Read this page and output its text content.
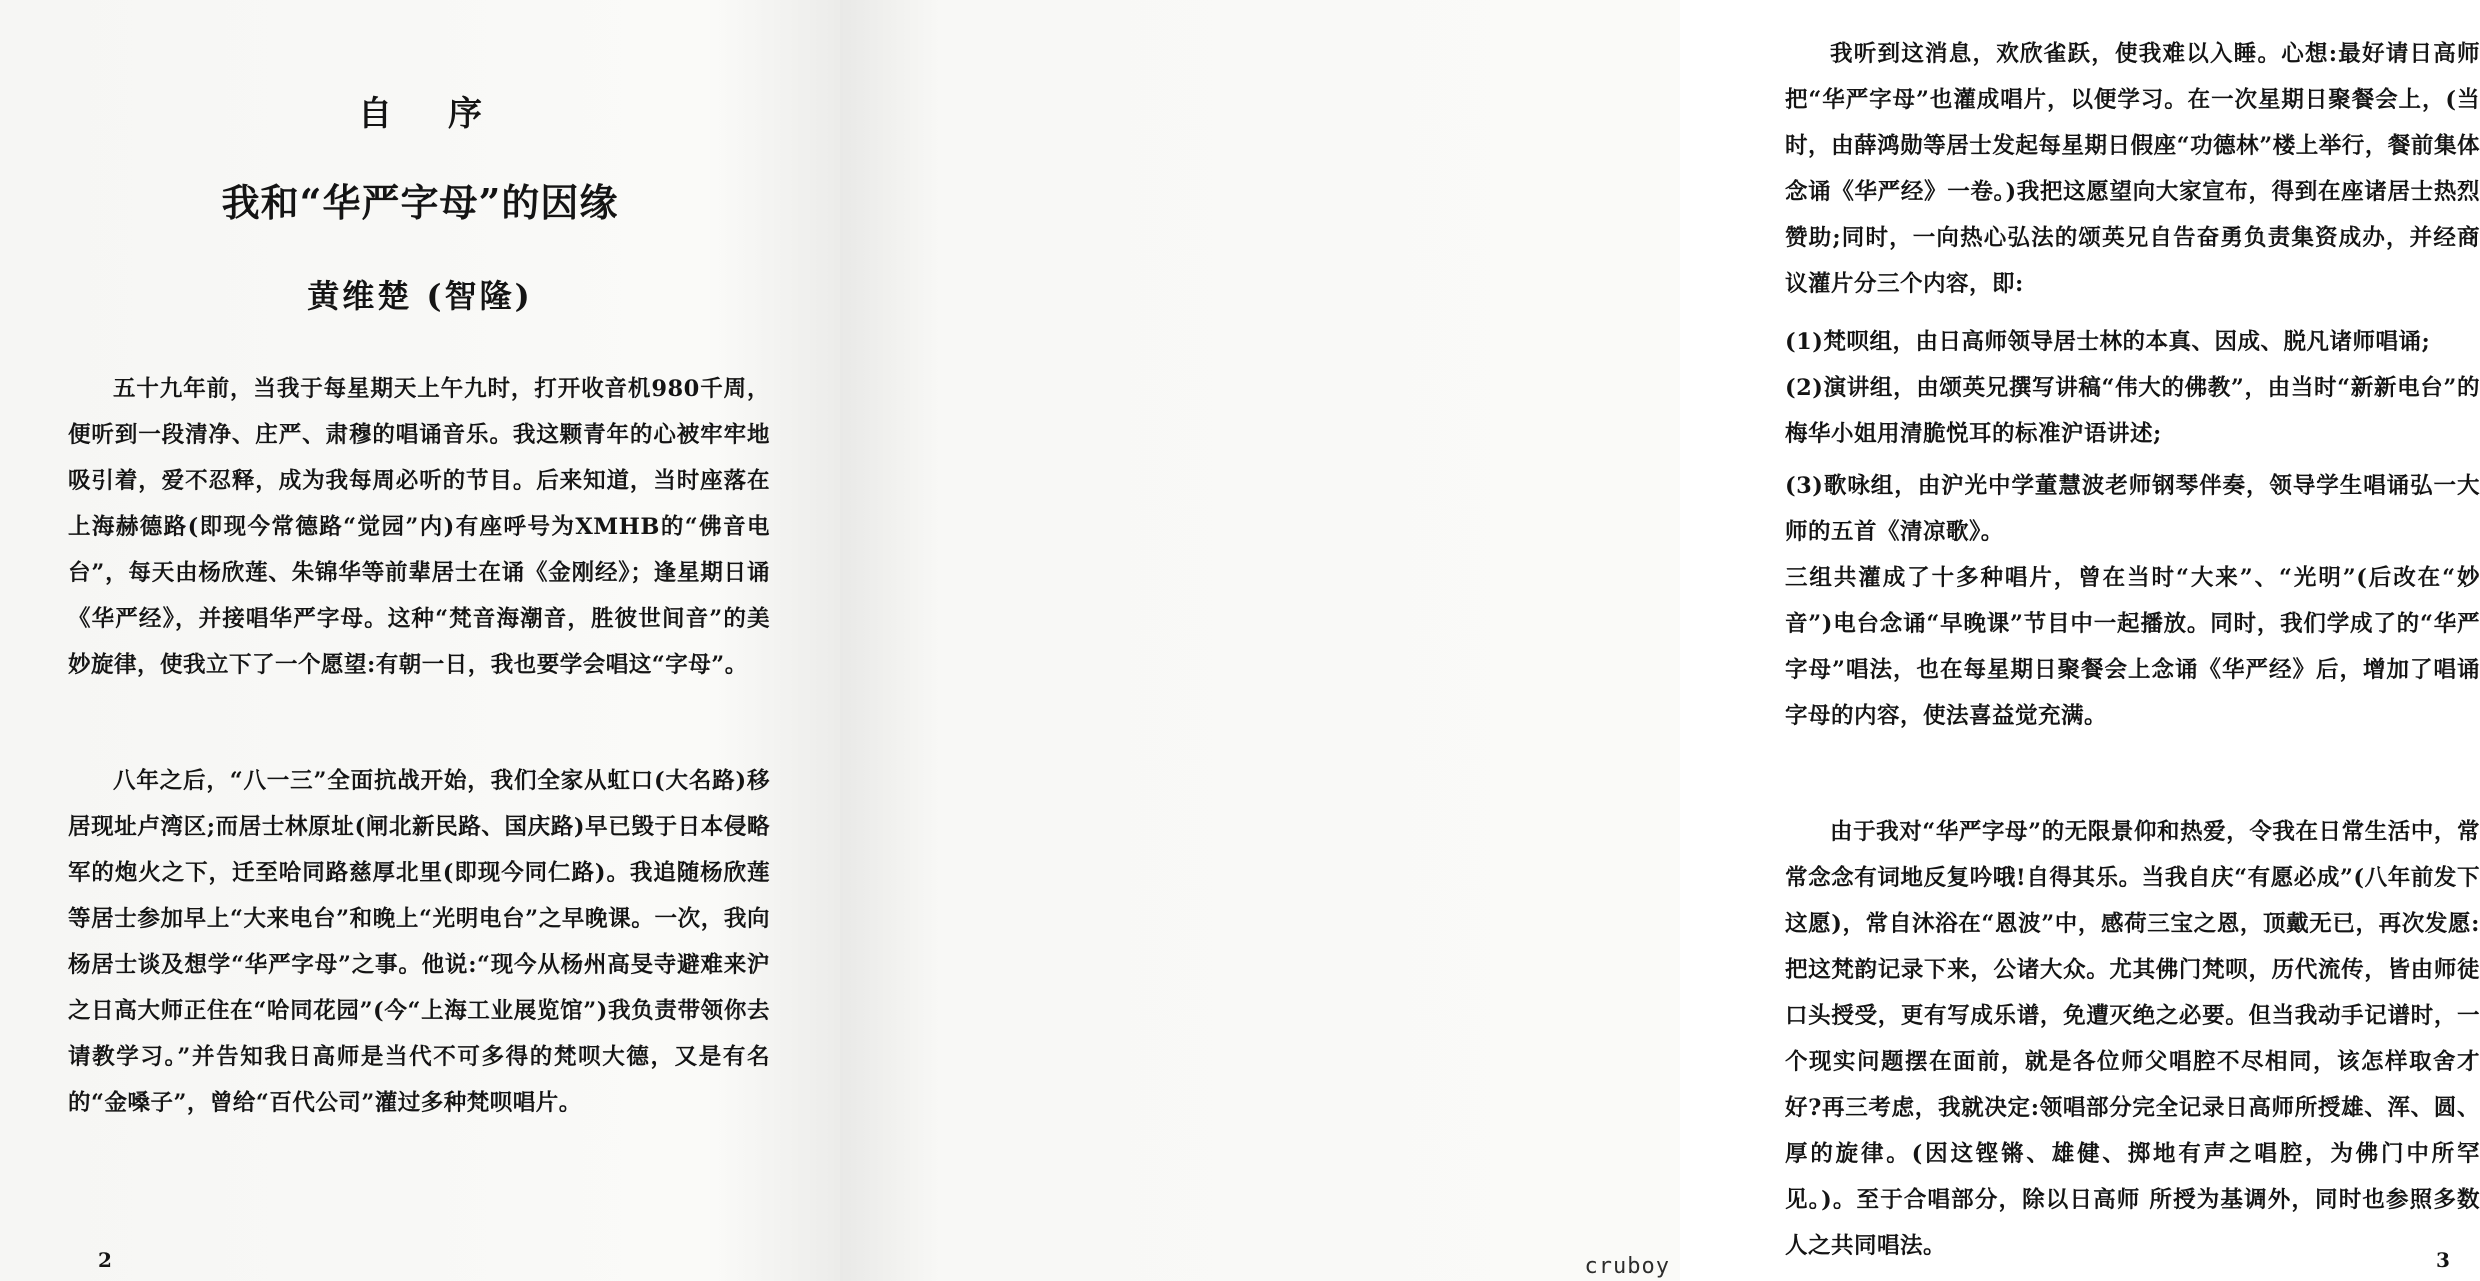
自序
我和“华严字母”的因缘
黄维楚 (智隆)

五十九年前，当我于每星期天上午九时，打开收音机980千周，便听到一段清净、庄严、肃穆的唱诵音乐。我这颗青年的心被牢牢地吸引着，爱不忍释，成为我每周必听的节目。后来知道，当时座落在上海赫德路(即现今常德路“觉园”内)有座呼号为XMHB的“佛音电台”，每天由杨欣莲、朱锦华等前辈居士在诵《金刚经》；逢星期日诵《华严经》，并接唱华严字母。这种“梵音海潮音，胜彼世间音”的美妙旋律，使我立下了一个愿望:有朝一日，我也要学会唱这“字母”。

八年之后，“八一三”全面抗战开始，我们全家从虹口(大名路)移居现址卢湾区;而居士林原址(闸北新民路、国庆路)早已毁于日本侵略军的炮火之下，迁至哈同路慈厚北里(即现今同仁路)。我追随杨欣莲等居士参加早上“大来电台”和晚上“光明电台”之早晚课。一次，我向杨居士谈及想学“华严字母”之事。他说:“现今从杨州高旻寺避难来沪之日高大师正住在“哈同花园”(今“上海工业展览馆”)我负责带领你去请教学习。”并告知我日高师是当代不可多得的梵呗大德，又是有名的“金嗓子”，曾给“百代公司”灌过多种梵呗唱片。

2

我听到这消息，欢欣雀跃，使我难以入睡。心想:最好请日高师把“华严字母”也灌成唱片，以便学习。在一次星期日聚餐会上，(当时，由薛鸿勋等居士发起每星期日假座“功德林”楼上举行，餐前集体念诵《华严经》一卷。)我把这愿望向大家宣布，得到在座诸居士热烈赞助;同时，一向热心弘法的颂英兄自告奋勇负责集资成办，并经商议灌片分三个内容，即:

(1)梵呗组，由日高师领导居士林的本真、因成、脱凡诸师唱诵;

(2)演讲组，由颂英兄撰写讲稿“伟大的佛教”，由当时“新新电台”的梅华小姐用清脆悦耳的标准沪语讲述;

(3)歌咏组，由沪光中学董慧波老师钢琴伴奏，领导学生唱诵弘一大师的五首《清凉歌》。

三组共灌成了十多种唱片，曾在当时“大来”、“光明”(后改在“妙音”)电台念诵“早晚课”节目中一起播放。同时，我们学成了的“华严字母”唱法，也在每星期日聚餐会上念诵《华严经》后，增加了唱诵字母的内容，使法喜益觉充满。

由于我对“华严字母”的无限景仰和热爱，令我在日常生活中，常常念念有词地反复吟哦!自得其乐。当我自庆“有愿必成”(八年前发下这愿)，常自沐浴在“恩波”中，感荷三宝之恩，顶戴无已，再次发愿:把这梵韵记录下来，公诸大众。尤其佛门梵呗，历代流传，皆由师徒口头授受，更有写成乐谱，免遭灭绝之必要。但当我动手记谱时，一个现实问题摆在面前，就是各位师父唱腔不尽相同，该怎样取舍才好?再三考虑，我就决定:领唱部分完全记录日高师所授雄、浑、圆、厚的旋律。(因这铿锵、雄健、掷地有声之唱腔，为佛门中所罕见。)。至于合唱部分，除以日高师 所授为基调外，同时也参照多数人之共同唱法。

3
cruboy
